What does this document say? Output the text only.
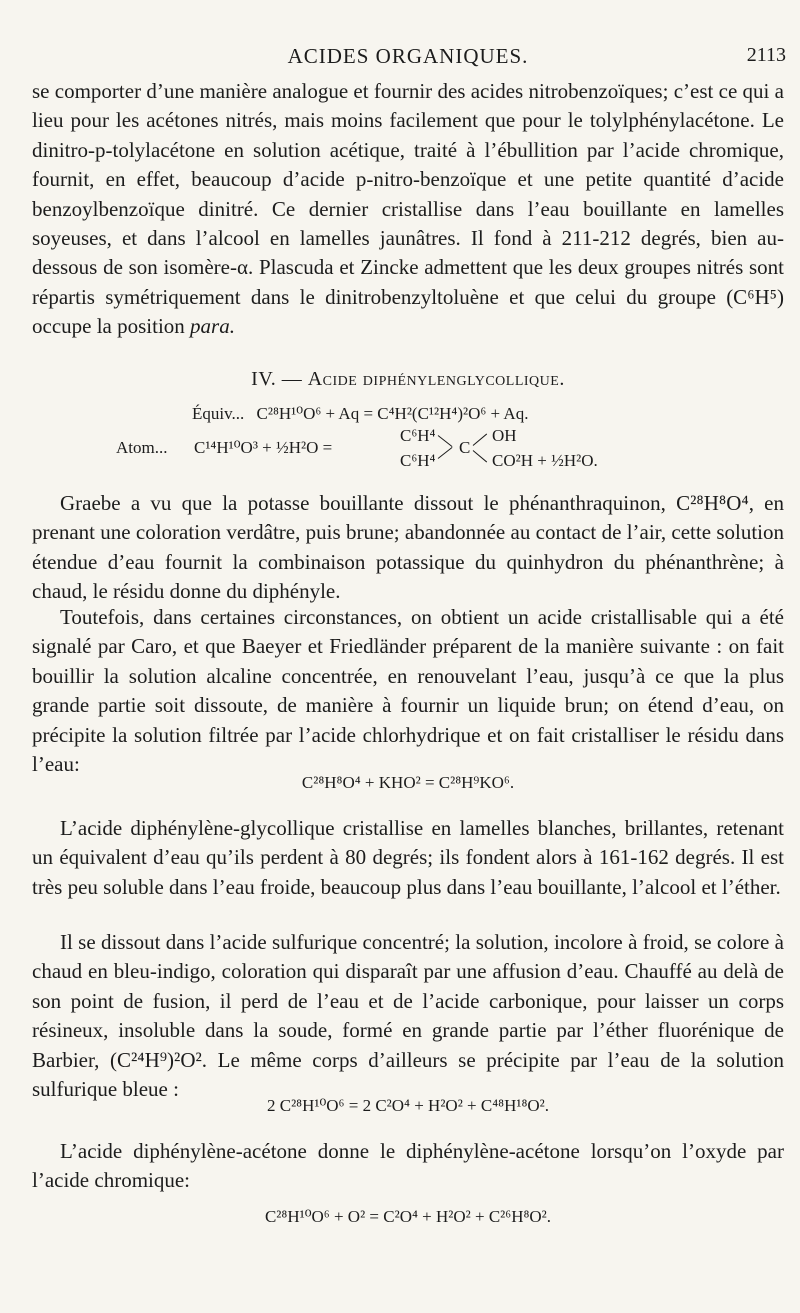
ACIDES ORGANIQUES.	2113

se comporter d’une manière analogue et fournir des acides nitrobenzoïques; c’est ce qui a lieu pour les acétones nitrés, mais moins facilement que pour le tolylphénylacétone. Le dinitro-p-tolylacétone en solution acétique, traité à l’ébullition par l’acide chromique, fournit, en effet, beaucoup d’acide p-nitro-benzoïque et une petite quantité d’acide benzoylbenzoïque dinitré. Ce dernier cristallise dans l’eau bouillante en lamelles soyeuses, et dans l’alcool en lamelles jaunâtres. Il fond à 211-212 degrés, bien au-dessous de son isomère-α. Plascuda et Zincke admettent que les deux groupes nitrés sont répartis symétriquement dans le dinitrobenzyltoluène et que celui du groupe (C⁶H⁵) occupe la position para.

IV. — Acide diphénylenglycollique.
Équiv... C²⁸H¹⁰O⁶ + Aq = C⁴H²(C¹²H⁴)²O⁶ + Aq.
Atom... C¹⁴H¹⁰O³ + ½H²O =
C⁶H⁴
C⁶H⁴
C
OH
CO²H + ½H²O.

Graebe a vu que la potasse bouillante dissout le phénanthraquinon, C²⁸H⁸O⁴, en prenant une coloration verdâtre, puis brune; abandonnée au contact de l’air, cette solution étendue d’eau fournit la combinaison potassique du quinhydron du phénanthrène; à chaud, le résidu donne du diphényle.

Toutefois, dans certaines circonstances, on obtient un acide cristallisable qui a été signalé par Caro, et que Baeyer et Friedländer préparent de la manière suivante : on fait bouillir la solution alcaline concentrée, en renouvelant l’eau, jusqu’à ce que la plus grande partie soit dissoute, de manière à fournir un liquide brun; on étend d’eau, on précipite la solution filtrée par l’acide chlorhydrique et on fait cristalliser le résidu dans l’eau:

C²⁸H⁸O⁴ + KHO² = C²⁸H⁹KO⁶.

L’acide diphénylène-glycollique cristallise en lamelles blanches, brillantes, retenant un équivalent d’eau qu’ils perdent à 80 degrés; ils fondent alors à 161-162 degrés. Il est très peu soluble dans l’eau froide, beaucoup plus dans l’eau bouillante, l’alcool et l’éther.

Il se dissout dans l’acide sulfurique concentré; la solution, incolore à froid, se colore à chaud en bleu-indigo, coloration qui disparaît par une affusion d’eau. Chauffé au delà de son point de fusion, il perd de l’eau et de l’acide carbonique, pour laisser un corps résineux, insoluble dans la soude, formé en grande partie par l’éther fluorénique de Barbier, (C²⁴H⁹)²O². Le même corps d’ailleurs se précipite par l’eau de la solution sulfurique bleue :

2 C²⁸H¹⁰O⁶ = 2 C²O⁴ + H²O² + C⁴⁸H¹⁸O².

L’acide diphénylène-acétone donne le diphénylène-acétone lorsqu’on l’oxyde par l’acide chromique:

C²⁸H¹⁰O⁶ + O² = C²O⁴ + H²O² + C²⁶H⁸O².
